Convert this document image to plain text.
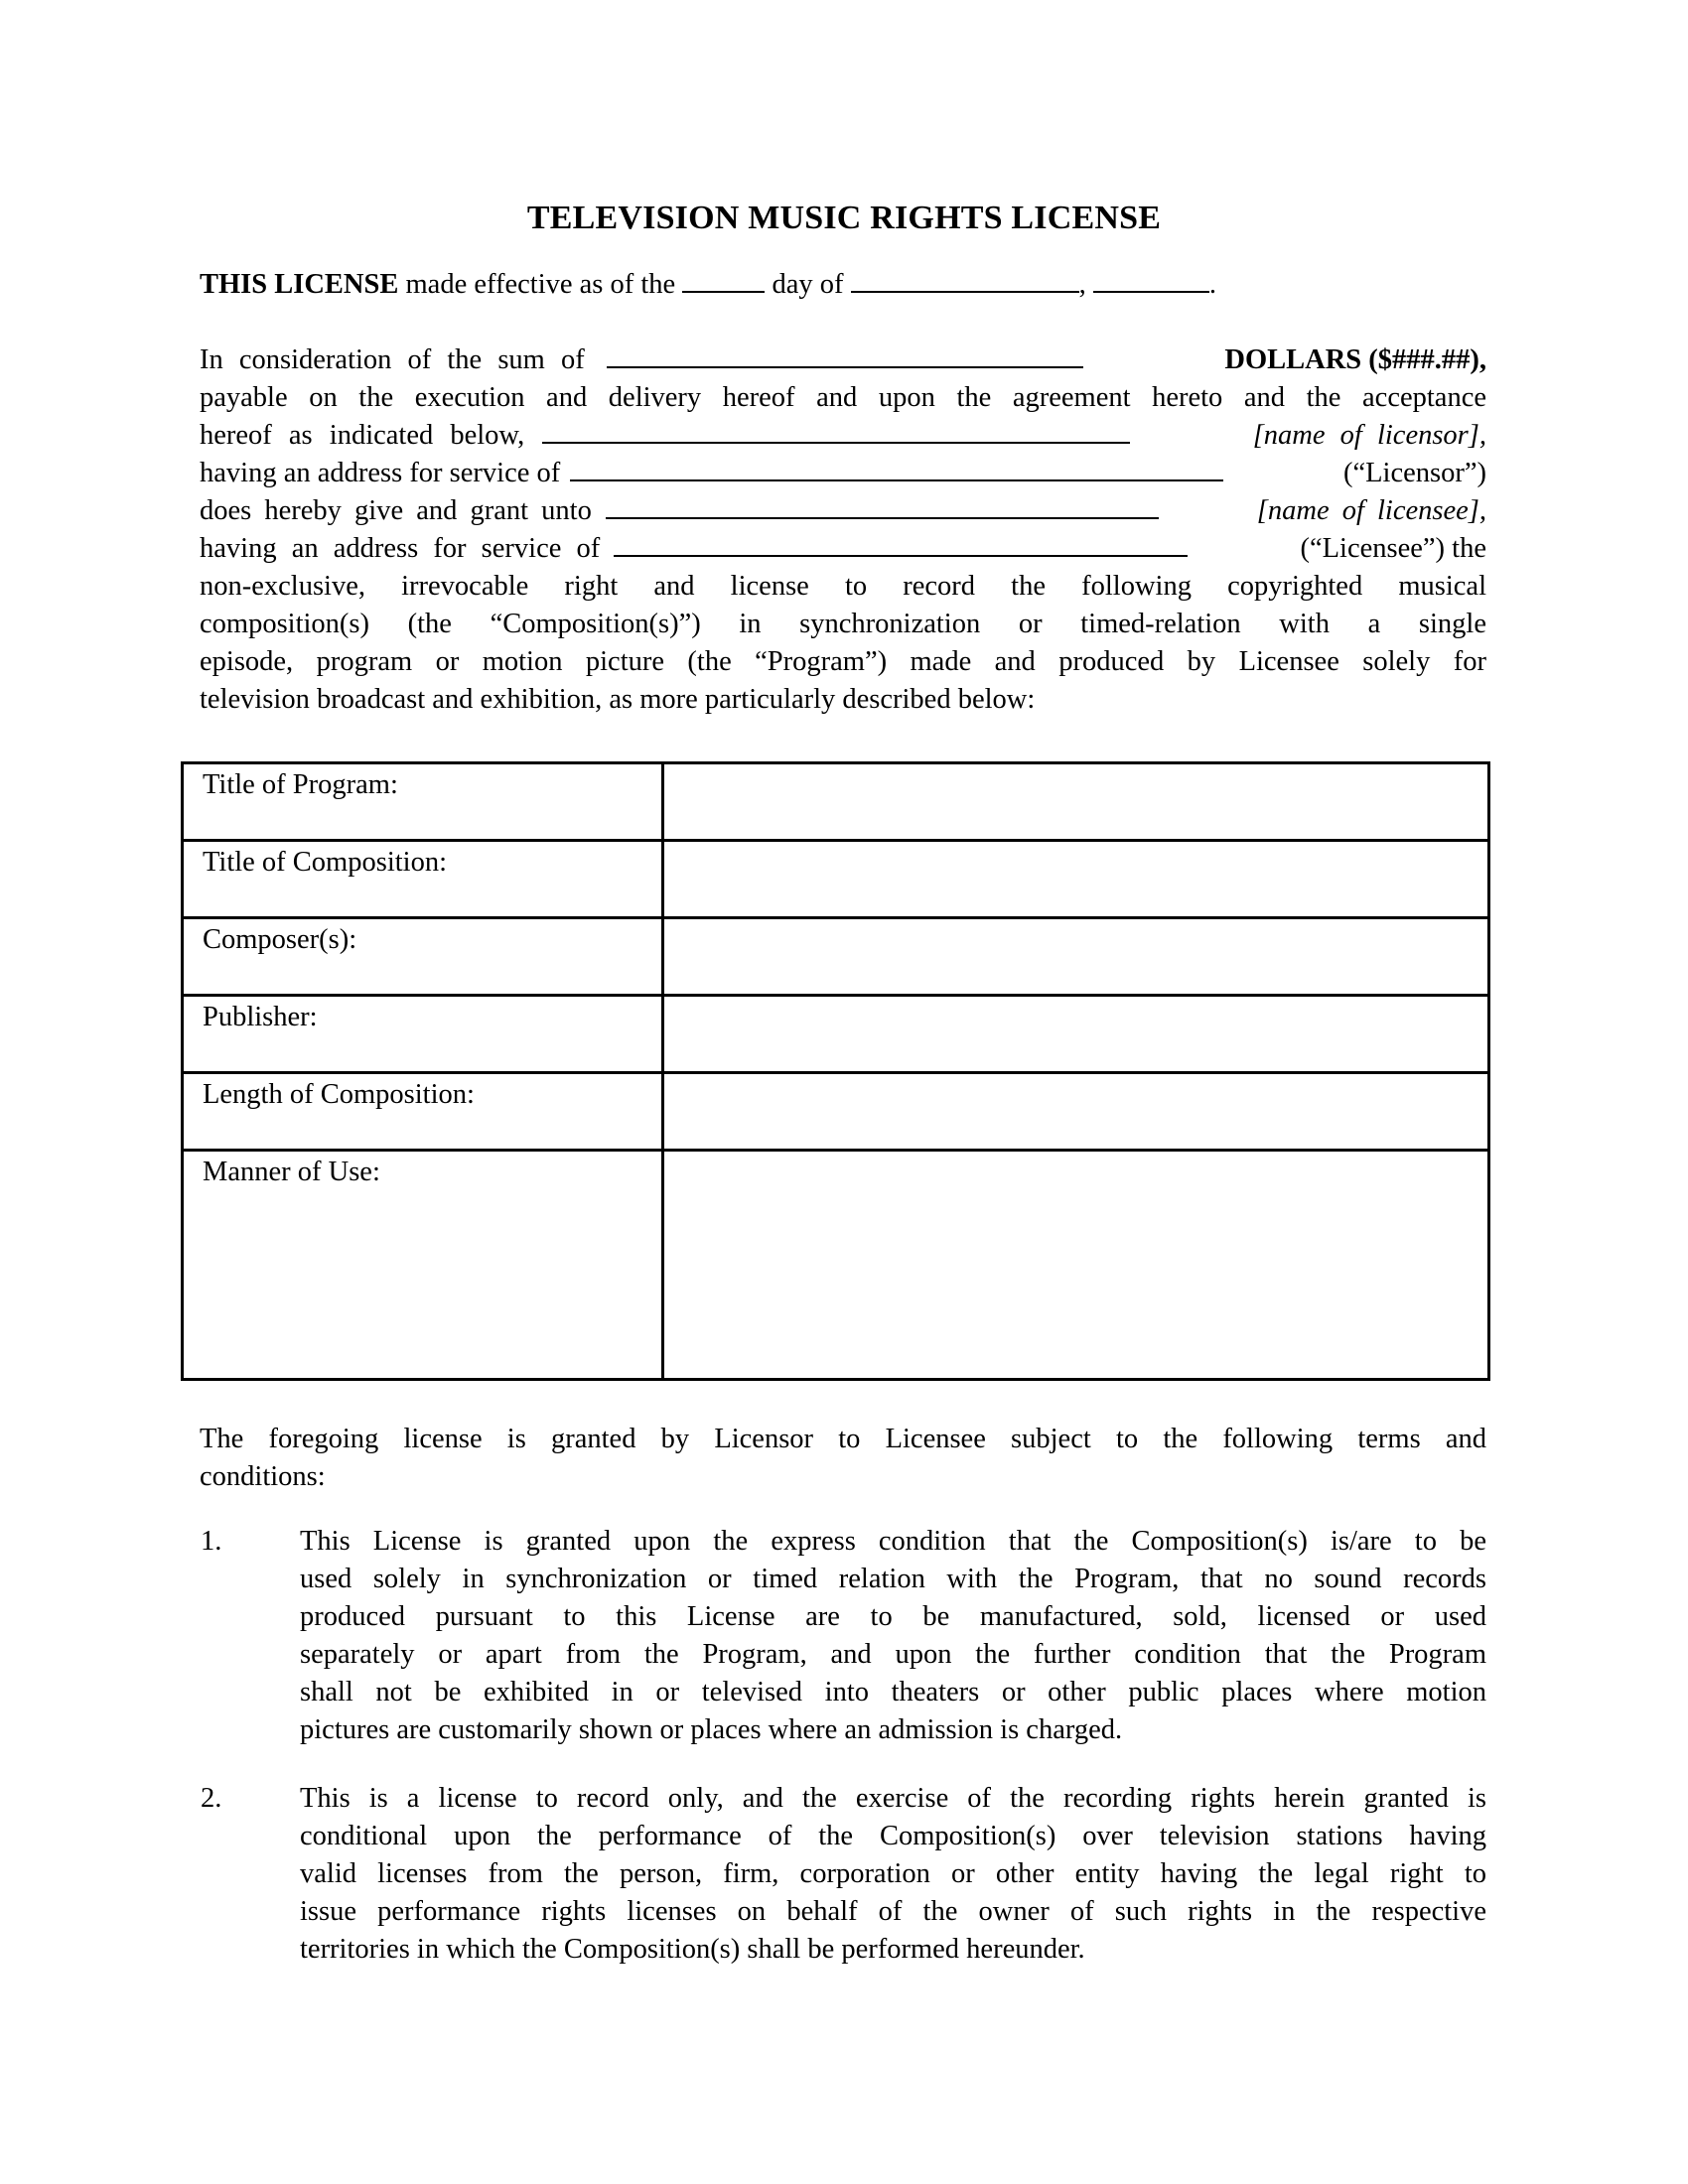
TELEVISION MUSIC RIGHTS LICENSE
THIS LICENSE made effective as of the	day of	,	.
In consideration of the sum of	DOLLARS ($###.##),
payable on the execution and delivery hereof and upon the agreement hereto and the acceptance
hereof as indicated below,	[name of licensor],
having an address for service of	(“Licensor”)
does hereby give and grant unto	[name of licensee],
having an address for service of	(“Licensee”) the
non-exclusive, irrevocable right and license to record the following copyrighted musical
composition(s) (the “Composition(s)”) in synchronization or timed-relation with a single
episode, program or motion picture (the “Program”) made and produced by Licensee solely for
television broadcast and exhibition, as more particularly described below:
Title of Program:	
Title of Composition:	
Composer(s):	
Publisher:	
Length of Composition:	
Manner of Use:	
The foregoing license is granted by Licensor to Licensee subject to the following terms and
conditions:
1.	This License is granted upon the express condition that the Composition(s) is/are to be
used solely in synchronization or timed relation with the Program, that no sound records
produced pursuant to this License are to be manufactured, sold, licensed or used
separately or apart from the Program, and upon the further condition that the Program
shall not be exhibited in or televised into theaters or other public places where motion
pictures are customarily shown or places where an admission is charged.
2.	This is a license to record only, and the exercise of the recording rights herein granted is
conditional upon the performance of the Composition(s) over television stations having
valid licenses from the person, firm, corporation or other entity having the legal right to
issue performance rights licenses on behalf of the owner of such rights in the respective
territories in which the Composition(s) shall be performed hereunder.
